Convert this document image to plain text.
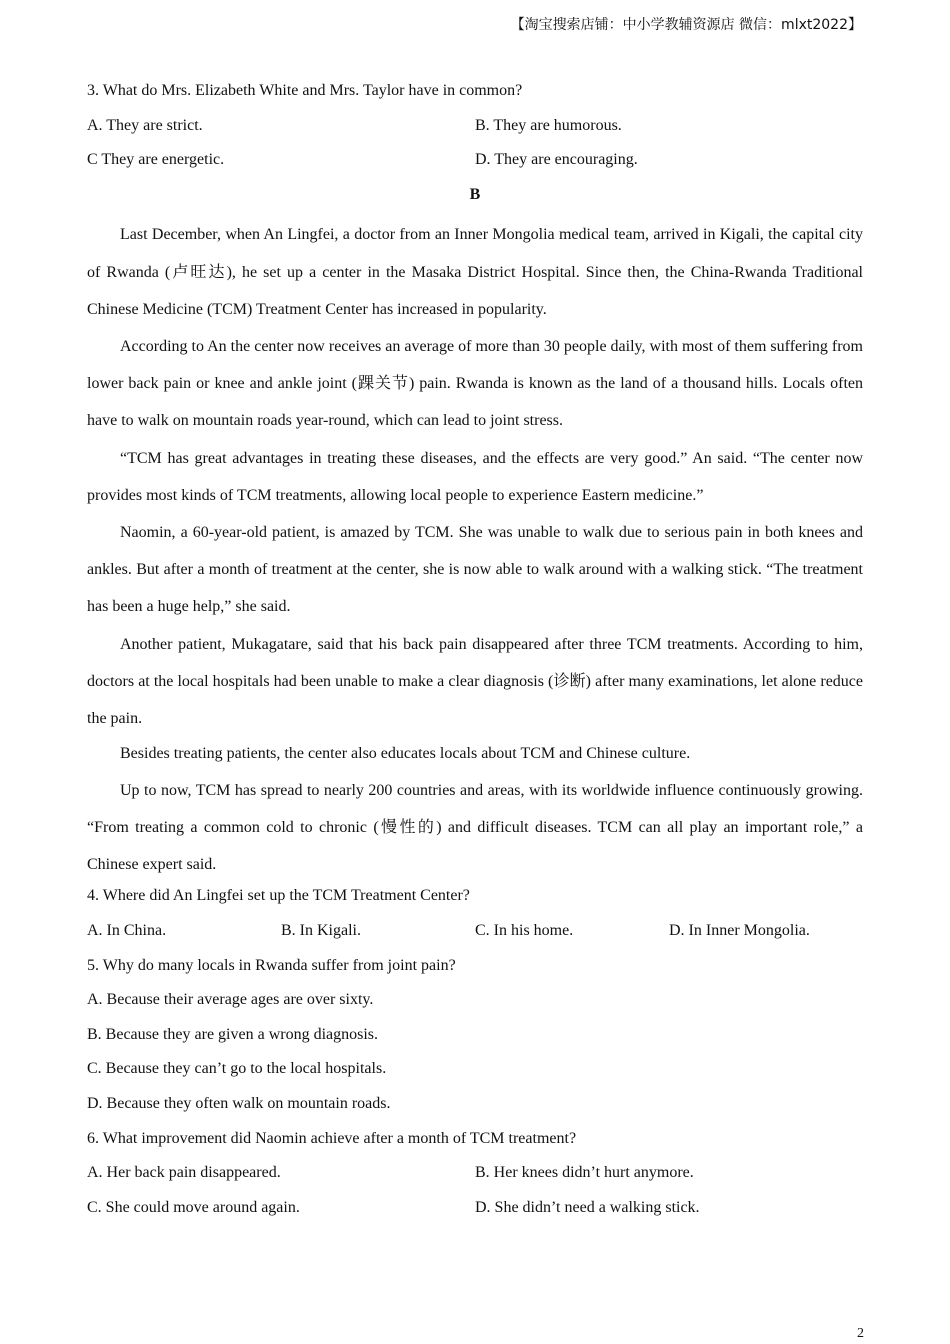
【淘宝搜索店铺：中小学教辅资源店 微信：mlxt2022】
3. What do Mrs. Elizabeth White and Mrs. Taylor have in common?
A. They are strict.	B. They are humorous.
C They are energetic.	D. They are encouraging.
B

Last December, when An Lingfei, a doctor from an Inner Mongolia medical team, arrived in Kigali, the capital city of Rwanda (卢旺达), he set up a center in the Masaka District Hospital. Since then, the China-Rwanda Traditional Chinese Medicine (TCM) Treatment Center has increased in popularity.

According to An the center now receives an average of more than 30 people daily, with most of them suffering from lower back pain or knee and ankle joint (踝关节) pain. Rwanda is known as the land of a thousand hills. Locals often have to walk on mountain roads year-round, which can lead to joint stress.

“TCM has great advantages in treating these diseases, and the effects are very good.” An said. “The center now provides most kinds of TCM treatments, allowing local people to experience Eastern medicine.”

Naomin, a 60-year-old patient, is amazed by TCM. She was unable to walk due to serious pain in both knees and ankles. But after a month of treatment at the center, she is now able to walk around with a walking stick. “The treatment has been a huge help,” she said.

Another patient, Mukagatare, said that his back pain disappeared after three TCM treatments. According to him, doctors at the local hospitals had been unable to make a clear diagnosis (诊断) after many examinations, let alone reduce the pain.

Besides treating patients, the center also educates locals about TCM and Chinese culture.

Up to now, TCM has spread to nearly 200 countries and areas, with its worldwide influence continuously growing. “From treating a common cold to chronic (慢性的) and difficult diseases. TCM can all play an important role,” a Chinese expert said.

4. Where did An Lingfei set up the TCM Treatment Center?
A. In China.	B. In Kigali.	C. In his home.	D. In Inner Mongolia.
5. Why do many locals in Rwanda suffer from joint pain?
A. Because their average ages are over sixty.
B. Because they are given a wrong diagnosis.
C. Because they can’t go to the local hospitals.
D. Because they often walk on mountain roads.
6. What improvement did Naomin achieve after a month of TCM treatment?
A. Her back pain disappeared.	B. Her knees didn’t hurt anymore.
C. She could move around again.	D. She didn’t need a walking stick.
2
